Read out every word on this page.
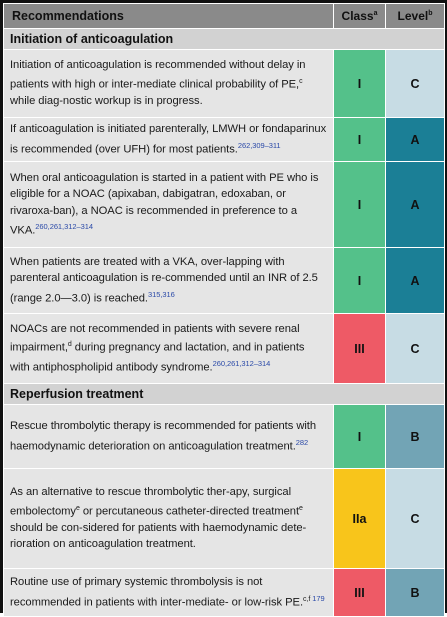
Recommendations	Class$^a$	Level$^b$
Initiation of anticoagulation		
Initiation of anticoagulation is recommended without delay in patients with high or inter-mediate clinical probability of PE,$^c$ while diag-nostic workup is in progress.	I	C
If anticoagulation is initiated parenterally, LMWH or fondaparinux is recommended (over UFH) for most patients.$^{262,309-311}$	I	A
When oral anticoagulation is started in a patient with PE who is eligible for a NOAC (apixaban, dabigatran, edoxaban, or rivaroxa-ban), a NOAC is recommended in preference to a VKA.$^{260,261,312-314}$	I	A
When patients are treated with a VKA, over-lapping with parenteral anticoagulation is re-commended until an INR of 2.5 (range 2.0—3.0) is reached.$^{315,316}$	I	A
NOACs are not recommended in patients with severe renal impairment,$^d$ during pregnancy and lactation, and in patients with antiphospholipid antibody syndrome.$^{260,261,312-314}$	III	C
Reperfusion treatment		
Rescue thrombolytic therapy is recommended for patients with haemodynamic deterioration on anticoagulation treatment.$^{282}$	I	B
As an alternative to rescue thrombolytic ther-apy, surgical embolectomy$^e$ or percutaneous catheter-directed treatment$^e$ should be con-sidered for patients with haemodynamic dete-rioration on anticoagulation treatment.	IIa	C
Routine use of primary systemic thrombolysis is not recommended in patients with inter-mediate- or low-risk PE.$^{c,f}$ $^{179}$	III	B
